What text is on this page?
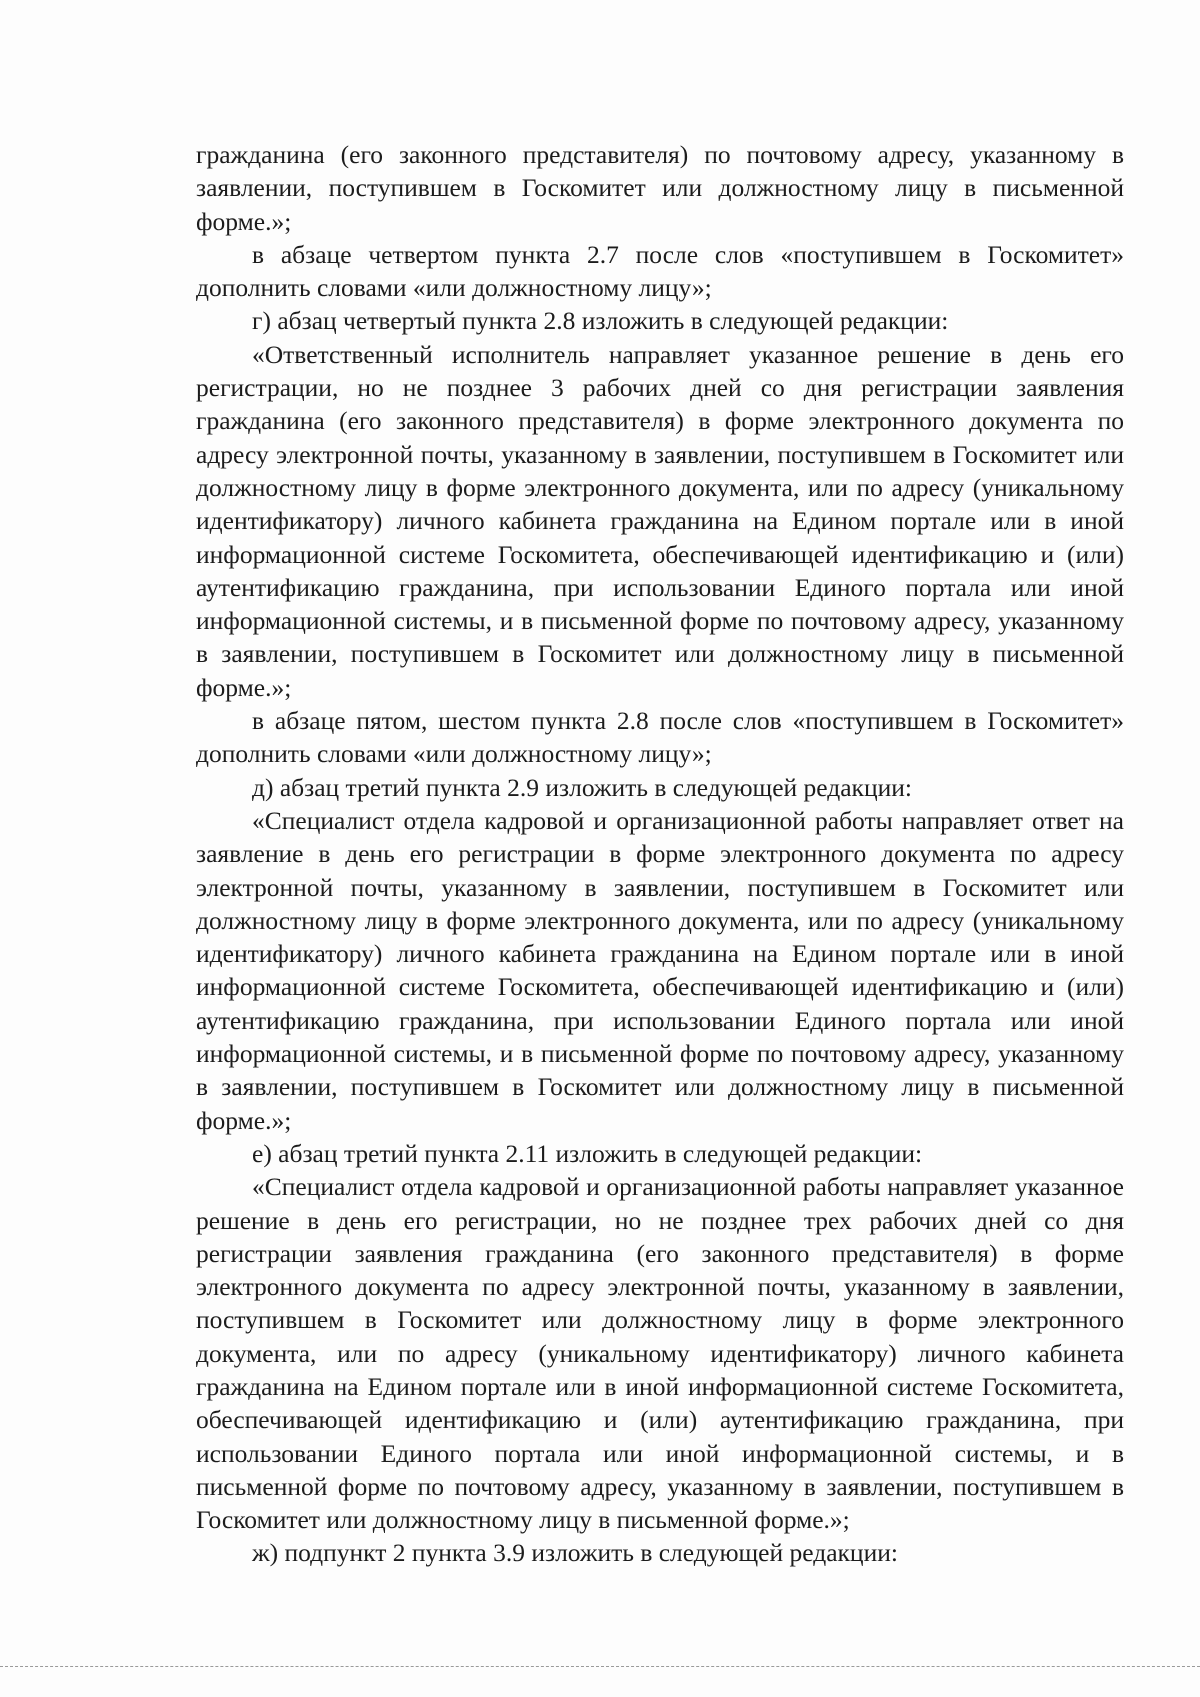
гражданина (его законного представителя) по почтовому адресу, указанному в заявлении, поступившем в Госкомитет или должностному лицу в письменной форме.»;

в абзаце четвертом пункта 2.7 после слов «поступившем в Госкомитет» дополнить словами «или должностному лицу»;

г) абзац четвертый пункта 2.8 изложить в следующей редакции:

«Ответственный исполнитель направляет указанное решение в день его регистрации, но не позднее 3 рабочих дней со дня регистрации заявления гражданина (его законного представителя) в форме электронного документа по адресу электронной почты, указанному в заявлении, поступившем в Госкомитет или должностному лицу в форме электронного документа, или по адресу (уникальному идентификатору) личного кабинета гражданина на Едином портале или в иной информационной системе Госкомитета, обеспечивающей идентификацию и (или) аутентификацию гражданина, при использовании Единого портала или иной информационной системы, и в письменной форме по почтовому адресу, указанному в заявлении, поступившем в Госкомитет или должностному лицу в письменной форме.»;

в абзаце пятом, шестом пункта 2.8 после слов «поступившем в Госкомитет» дополнить словами «или должностному лицу»;

д) абзац третий пункта 2.9 изложить в следующей редакции:

«Специалист отдела кадровой и организационной работы направляет ответ на заявление в день его регистрации в форме электронного документа по адресу электронной почты, указанному в заявлении, поступившем в Госкомитет или должностному лицу в форме электронного документа, или по адресу (уникальному идентификатору) личного кабинета гражданина на Едином портале или в иной информационной системе Госкомитета, обеспечивающей идентификацию и (или) аутентификацию гражданина, при использовании Единого портала или иной информационной системы, и в письменной форме по почтовому адресу, указанному в заявлении, поступившем в Госкомитет или должностному лицу в письменной форме.»;

е) абзац третий пункта 2.11 изложить в следующей редакции:

«Специалист отдела кадровой и организационной работы направляет указанное решение в день его регистрации, но не позднее трех рабочих дней со дня регистрации заявления гражданина (его законного представителя) в форме электронного документа по адресу электронной почты, указанному в заявлении, поступившем в Госкомитет или должностному лицу в форме электронного документа, или по адресу (уникальному идентификатору) личного кабинета гражданина на Едином портале или в иной информационной системе Госкомитета, обеспечивающей идентификацию и (или) аутентификацию гражданина, при использовании Единого портала или иной информационной системы, и в письменной форме по почтовому адресу, указанному в заявлении, поступившем в Госкомитет или должностному лицу в письменной форме.»;

ж) подпункт 2 пункта 3.9 изложить в следующей редакции:
